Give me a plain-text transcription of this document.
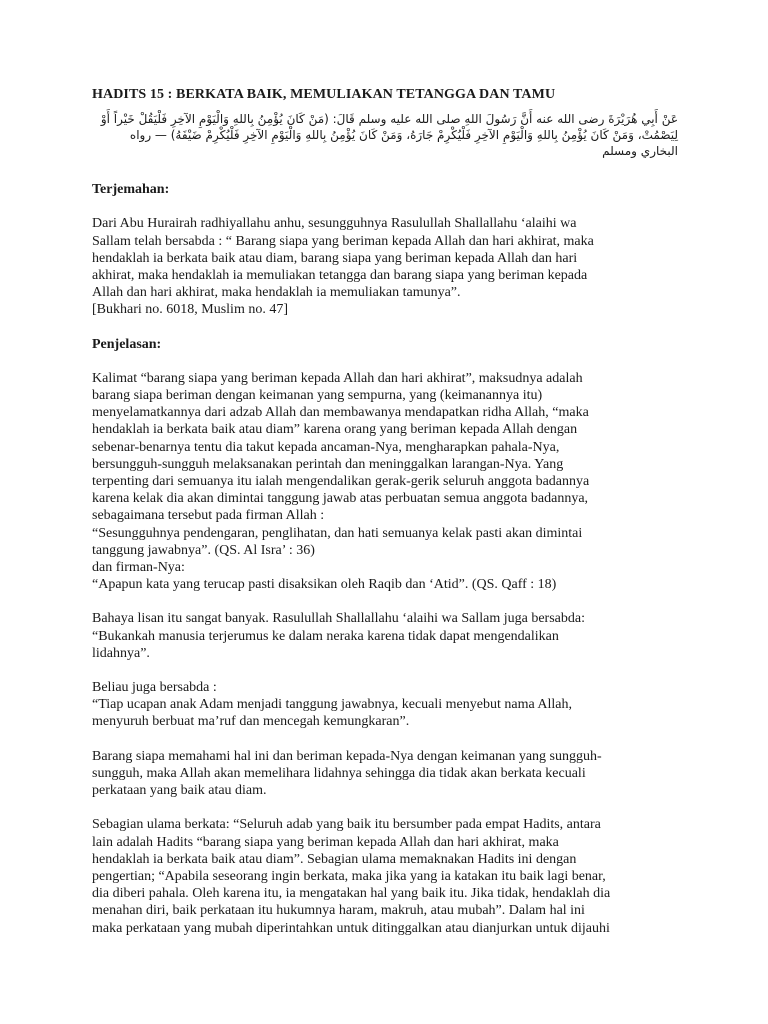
HADITS 15 : BERKATA BAIK, MEMULIAKAN TETANGGA DAN TAMU
عَنْ أَبِي هُرَيْرَةَ رضى الله عنه أَنَّ رَسُولَ اللهِ صلى الله عليه وسلم قَالَ: (مَنْ كَانَ يُؤْمِنُ بِاللهِ وَالْيَوْمِ الآخِرِ فَلْيَقُلْ خَيْراً أَوْ
لِيَصْمُتْ، وَمَنْ كَانَ يُؤْمِنُ بِاللهِ وَالْيَوْمِ الآخِرِ فَلْيُكْرِمْ جَارَهُ، وَمَنْ كَانَ يُؤْمِنُ بِاللهِ وَالْيَوْمِ الآخِرِ فَلْيُكْرِمْ ضَيْفَهُ) — رواه
البخاري ومسلم
Terjemahan:
Dari Abu Hurairah radhiyallahu anhu, sesungguhnya Rasulullah Shallallahu ‘alaihi wa
Sallam telah bersabda : “ Barang siapa yang beriman kepada Allah dan hari akhirat, maka
hendaklah ia berkata baik atau diam, barang siapa yang beriman kepada Allah dan hari
akhirat, maka hendaklah ia memuliakan tetangga dan barang siapa yang beriman kepada
Allah dan hari akhirat, maka hendaklah ia memuliakan tamunya”.
[Bukhari no. 6018, Muslim no. 47]
Penjelasan:
Kalimat “barang siapa yang beriman kepada Allah dan hari akhirat”, maksudnya adalah
barang siapa beriman dengan keimanan yang sempurna, yang (keimanannya itu)
menyelamatkannya dari adzab Allah dan membawanya mendapatkan ridha Allah, “maka
hendaklah ia berkata baik atau diam” karena orang yang beriman kepada Allah dengan
sebenar-benarnya tentu dia takut kepada ancaman-Nya, mengharapkan pahala-Nya,
bersungguh-sungguh melaksanakan perintah dan meninggalkan larangan-Nya. Yang
terpenting dari semuanya itu ialah mengendalikan gerak-gerik seluruh anggota badannya
karena kelak dia akan dimintai tanggung jawab atas perbuatan semua anggota badannya,
sebagaimana tersebut pada firman Allah :
“Sesungguhnya pendengaran, penglihatan, dan hati semuanya kelak pasti akan dimintai
tanggung jawabnya”. (QS. Al Isra’ : 36)
dan firman-Nya:
“Apapun kata yang terucap pasti disaksikan oleh Raqib dan ‘Atid”. (QS. Qaff : 18)
Bahaya lisan itu sangat banyak. Rasulullah Shallallahu ‘alaihi wa Sallam juga bersabda:
“Bukankah manusia terjerumus ke dalam neraka karena tidak dapat mengendalikan
lidahnya”.
Beliau juga bersabda :
“Tiap ucapan anak Adam menjadi tanggung jawabnya, kecuali menyebut nama Allah,
menyuruh berbuat ma’ruf dan mencegah kemungkaran”.
Barang siapa memahami hal ini dan beriman kepada-Nya dengan keimanan yang sungguh-
sungguh, maka Allah akan memelihara lidahnya sehingga dia tidak akan berkata kecuali
perkataan yang baik atau diam.
Sebagian ulama berkata: “Seluruh adab yang baik itu bersumber pada empat Hadits, antara
lain adalah Hadits “barang siapa yang beriman kepada Allah dan hari akhirat, maka
hendaklah ia berkata baik atau diam”. Sebagian ulama memaknakan Hadits ini dengan
pengertian; “Apabila seseorang ingin berkata, maka jika yang ia katakan itu baik lagi benar,
dia diberi pahala. Oleh karena itu, ia mengatakan hal yang baik itu. Jika tidak, hendaklah dia
menahan diri, baik perkataan itu hukumnya haram, makruh, atau mubah”. Dalam hal ini
maka perkataan yang mubah diperintahkan untuk ditinggalkan atau dianjurkan untuk dijauhi
